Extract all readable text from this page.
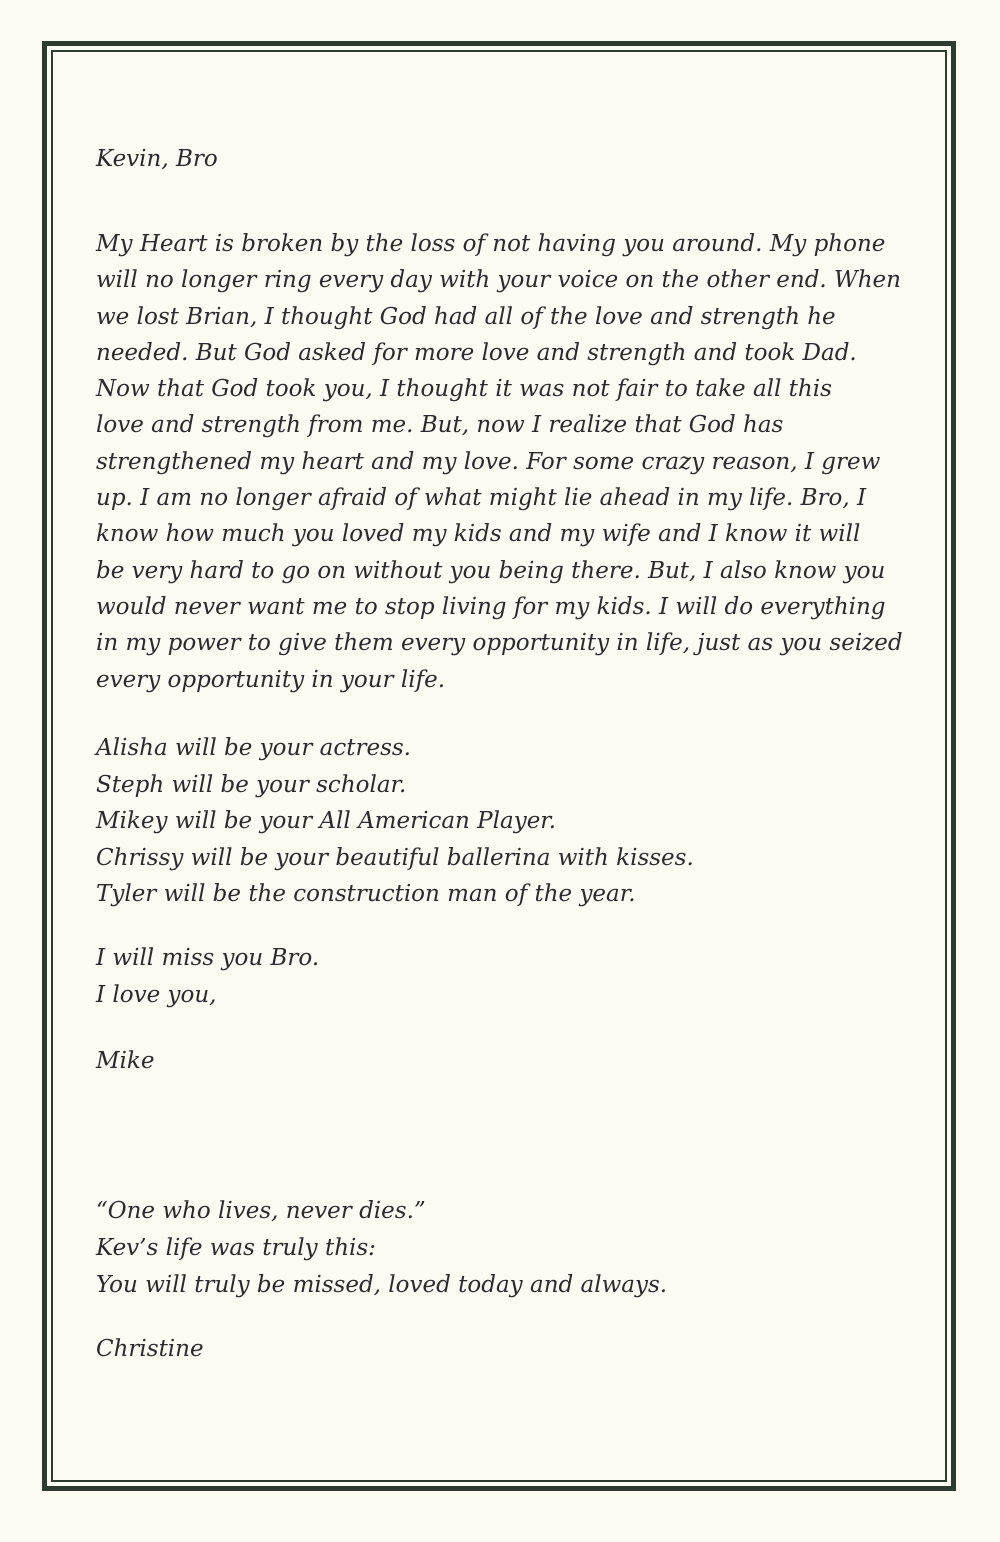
Kevin, Bro
My Heart is broken by the loss of not having you around. My phone
will no longer ring every day with your voice on the other end. When
we lost Brian, I thought God had all of the love and strength he
needed. But God asked for more love and strength and took Dad.
Now that God took you, I thought it was not fair to take all this
love and strength from me. But, now I realize that God has
strengthened my heart and my love. For some crazy reason, I grew
up. I am no longer afraid of what might lie ahead in my life. Bro, I
know how much you loved my kids and my wife and I know it will
be very hard to go on without you being there. But, I also know you
would never want me to stop living for my kids. I will do everything
in my power to give them every opportunity in life, just as you seized
every opportunity in your life.
Alisha will be your actress.
Steph will be your scholar.
Mikey will be your All American Player.
Chrissy will be your beautiful ballerina with kisses.
Tyler will be the construction man of the year.
I will miss you Bro.
I love you,
Mike
“One who lives, never dies.”
Kev’s life was truly this:
You will truly be missed, loved today and always.
Christine
